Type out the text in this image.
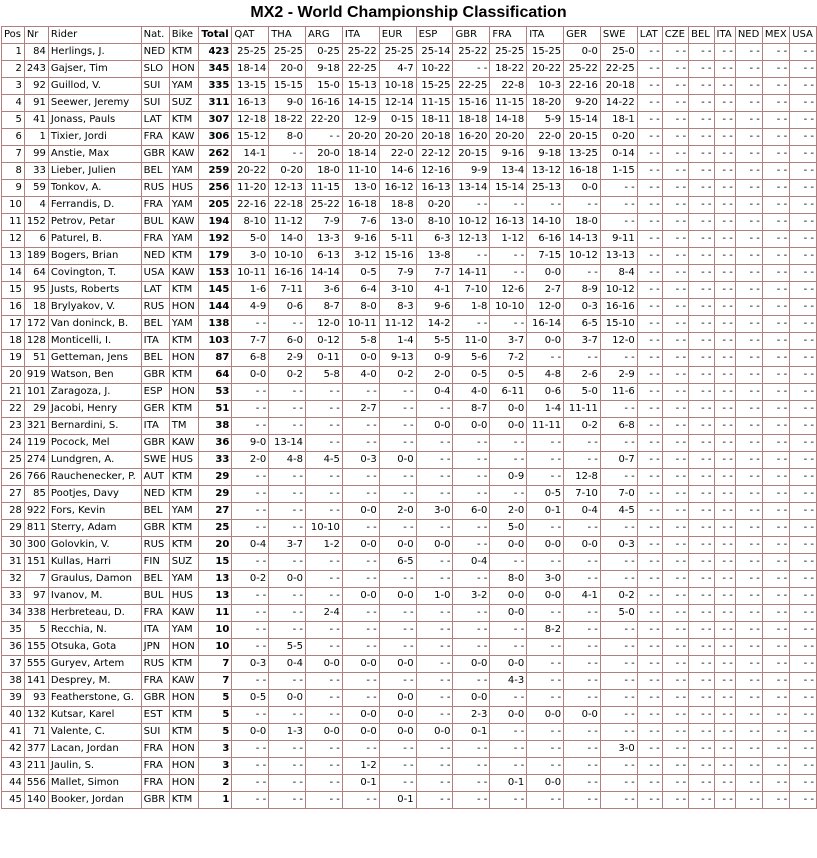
MX2 - World Championship Classification
Pos	Nr	Rider	Nat.	Bike	Total	QAT	THA	ARG	ITA	EUR	ESP	GBR	FRA	ITA	GER	SWE	LAT	CZE	BEL	ITA	NED	MEX	USA
1	84	Herlings, J.	NED	KTM	423	25-25	25-25	0-25	25-22	25-25	25-14	25-22	25-25	15-25	0-0	25-0	- -	- -	- -	- -	- -	- -	- -
2	243	Gajser, Tim	SLO	HON	345	18-14	20-0	9-18	22-25	4-7	10-22	- -	18-22	20-22	25-22	22-25	- -	- -	- -	- -	- -	- -	- -
3	92	Guillod, V.	SUI	YAM	335	13-15	15-15	15-0	15-13	10-18	15-25	22-25	22-8	10-3	22-16	20-18	- -	- -	- -	- -	- -	- -	- -
4	91	Seewer, Jeremy	SUI	SUZ	311	16-13	9-0	16-16	14-15	12-14	11-15	15-16	11-15	18-20	9-20	14-22	- -	- -	- -	- -	- -	- -	- -
5	41	Jonass, Pauls	LAT	KTM	307	12-18	18-22	22-20	12-9	0-15	18-11	18-18	14-18	5-9	15-14	18-1	- -	- -	- -	- -	- -	- -	- -
6	1	Tixier, Jordi	FRA	KAW	306	15-12	8-0	- -	20-20	20-20	20-18	16-20	20-20	22-0	20-15	0-20	- -	- -	- -	- -	- -	- -	- -
7	99	Anstie, Max	GBR	KAW	262	14-1	- -	20-0	18-14	22-0	22-12	20-15	9-16	9-18	13-25	0-14	- -	- -	- -	- -	- -	- -	- -
8	33	Lieber, Julien	BEL	YAM	259	20-22	0-20	18-0	11-10	14-6	12-16	9-9	13-4	13-12	16-18	1-15	- -	- -	- -	- -	- -	- -	- -
9	59	Tonkov, A.	RUS	HUS	256	11-20	12-13	11-15	13-0	16-12	16-13	13-14	15-14	25-13	0-0	- -	- -	- -	- -	- -	- -	- -	- -
10	4	Ferrandis, D.	FRA	YAM	205	22-16	22-18	25-22	16-18	18-8	0-20	- -	- -	- -	- -	- -	- -	- -	- -	- -	- -	- -	- -
11	152	Petrov, Petar	BUL	KAW	194	8-10	11-12	7-9	7-6	13-0	8-10	10-12	16-13	14-10	18-0	- -	- -	- -	- -	- -	- -	- -	- -
12	6	Paturel, B.	FRA	YAM	192	5-0	14-0	13-3	9-16	5-11	6-3	12-13	1-12	6-16	14-13	9-11	- -	- -	- -	- -	- -	- -	- -
13	189	Bogers, Brian	NED	KTM	179	3-0	10-10	6-13	3-12	15-16	13-8	- -	- -	7-15	10-12	13-13	- -	- -	- -	- -	- -	- -	- -
14	64	Covington, T.	USA	KAW	153	10-11	16-16	14-14	0-5	7-9	7-7	14-11	- -	0-0	- -	8-4	- -	- -	- -	- -	- -	- -	- -
15	95	Justs, Roberts	LAT	KTM	145	1-6	7-11	3-6	6-4	3-10	4-1	7-10	12-6	2-7	8-9	10-12	- -	- -	- -	- -	- -	- -	- -
16	18	Brylyakov, V.	RUS	HON	144	4-9	0-6	8-7	8-0	8-3	9-6	1-8	10-10	12-0	0-3	16-16	- -	- -	- -	- -	- -	- -	- -
17	172	Van doninck, B.	BEL	YAM	138	- -	- -	12-0	10-11	11-12	14-2	- -	- -	16-14	6-5	15-10	- -	- -	- -	- -	- -	- -	- -
18	128	Monticelli, I.	ITA	KTM	103	7-7	6-0	0-12	5-8	1-4	5-5	11-0	3-7	0-0	3-7	12-0	- -	- -	- -	- -	- -	- -	- -
19	51	Getteman, Jens	BEL	HON	87	6-8	2-9	0-11	0-0	9-13	0-9	5-6	7-2	- -	- -	- -	- -	- -	- -	- -	- -	- -	- -
20	919	Watson, Ben	GBR	KTM	64	0-0	0-2	5-8	4-0	0-2	2-0	0-5	0-5	4-8	2-6	2-9	- -	- -	- -	- -	- -	- -	- -
21	101	Zaragoza, J.	ESP	HON	53	- -	- -	- -	- -	- -	0-4	4-0	6-11	0-6	5-0	11-6	- -	- -	- -	- -	- -	- -	- -
22	29	Jacobi, Henry	GER	KTM	51	- -	- -	- -	2-7	- -	- -	8-7	0-0	1-4	11-11	- -	- -	- -	- -	- -	- -	- -	- -
23	321	Bernardini, S.	ITA	TM	38	- -	- -	- -	- -	- -	0-0	0-0	0-0	11-11	0-2	6-8	- -	- -	- -	- -	- -	- -	- -
24	119	Pocock, Mel	GBR	KAW	36	9-0	13-14	- -	- -	- -	- -	- -	- -	- -	- -	- -	- -	- -	- -	- -	- -	- -	- -
25	274	Lundgren, A.	SWE	HUS	33	2-0	4-8	4-5	0-3	0-0	- -	- -	- -	- -	- -	0-7	- -	- -	- -	- -	- -	- -	- -
26	766	Rauchenecker, P.	AUT	KTM	29	- -	- -	- -	- -	- -	- -	- -	0-9	- -	12-8	- -	- -	- -	- -	- -	- -	- -	- -
27	85	Pootjes, Davy	NED	KTM	29	- -	- -	- -	- -	- -	- -	- -	- -	0-5	7-10	7-0	- -	- -	- -	- -	- -	- -	- -
28	922	Fors, Kevin	BEL	YAM	27	- -	- -	- -	0-0	2-0	3-0	6-0	2-0	0-1	0-4	4-5	- -	- -	- -	- -	- -	- -	- -
29	811	Sterry, Adam	GBR	KTM	25	- -	- -	10-10	- -	- -	- -	- -	5-0	- -	- -	- -	- -	- -	- -	- -	- -	- -	- -
30	300	Golovkin, V.	RUS	KTM	20	0-4	3-7	1-2	0-0	0-0	0-0	- -	0-0	0-0	0-0	0-3	- -	- -	- -	- -	- -	- -	- -
31	151	Kullas, Harri	FIN	SUZ	15	- -	- -	- -	- -	6-5	- -	0-4	- -	- -	- -	- -	- -	- -	- -	- -	- -	- -	- -
32	7	Graulus, Damon	BEL	YAM	13	0-2	0-0	- -	- -	- -	- -	- -	8-0	3-0	- -	- -	- -	- -	- -	- -	- -	- -	- -
33	97	Ivanov, M.	BUL	HUS	13	- -	- -	- -	0-0	0-0	1-0	3-2	0-0	0-0	4-1	0-2	- -	- -	- -	- -	- -	- -	- -
34	338	Herbreteau, D.	FRA	KAW	11	- -	- -	2-4	- -	- -	- -	- -	0-0	- -	- -	5-0	- -	- -	- -	- -	- -	- -	- -
35	5	Recchia, N.	ITA	YAM	10	- -	- -	- -	- -	- -	- -	- -	- -	8-2	- -	- -	- -	- -	- -	- -	- -	- -	- -
36	155	Otsuka, Gota	JPN	HON	10	- -	5-5	- -	- -	- -	- -	- -	- -	- -	- -	- -	- -	- -	- -	- -	- -	- -	- -
37	555	Guryev, Artem	RUS	KTM	7	0-3	0-4	0-0	0-0	0-0	- -	0-0	0-0	- -	- -	- -	- -	- -	- -	- -	- -	- -	- -
38	141	Desprey, M.	FRA	KAW	7	- -	- -	- -	- -	- -	- -	- -	4-3	- -	- -	- -	- -	- -	- -	- -	- -	- -	- -
39	93	Featherstone, G.	GBR	HON	5	0-5	0-0	- -	- -	0-0	- -	0-0	- -	- -	- -	- -	- -	- -	- -	- -	- -	- -	- -
40	132	Kutsar, Karel	EST	KTM	5	- -	- -	- -	0-0	0-0	- -	2-3	0-0	0-0	0-0	- -	- -	- -	- -	- -	- -	- -	- -
41	71	Valente, C.	SUI	KTM	5	0-0	1-3	0-0	0-0	0-0	0-0	0-1	- -	- -	- -	- -	- -	- -	- -	- -	- -	- -	- -
42	377	Lacan, Jordan	FRA	HON	3	- -	- -	- -	- -	- -	- -	- -	- -	- -	- -	3-0	- -	- -	- -	- -	- -	- -	- -
43	211	Jaulin, S.	FRA	HON	3	- -	- -	- -	1-2	- -	- -	- -	- -	- -	- -	- -	- -	- -	- -	- -	- -	- -	- -
44	556	Mallet, Simon	FRA	HON	2	- -	- -	- -	0-1	- -	- -	- -	0-1	0-0	- -	- -	- -	- -	- -	- -	- -	- -	- -
45	140	Booker, Jordan	GBR	KTM	1	- -	- -	- -	- -	0-1	- -	- -	- -	- -	- -	- -	- -	- -	- -	- -	- -	- -	- -
